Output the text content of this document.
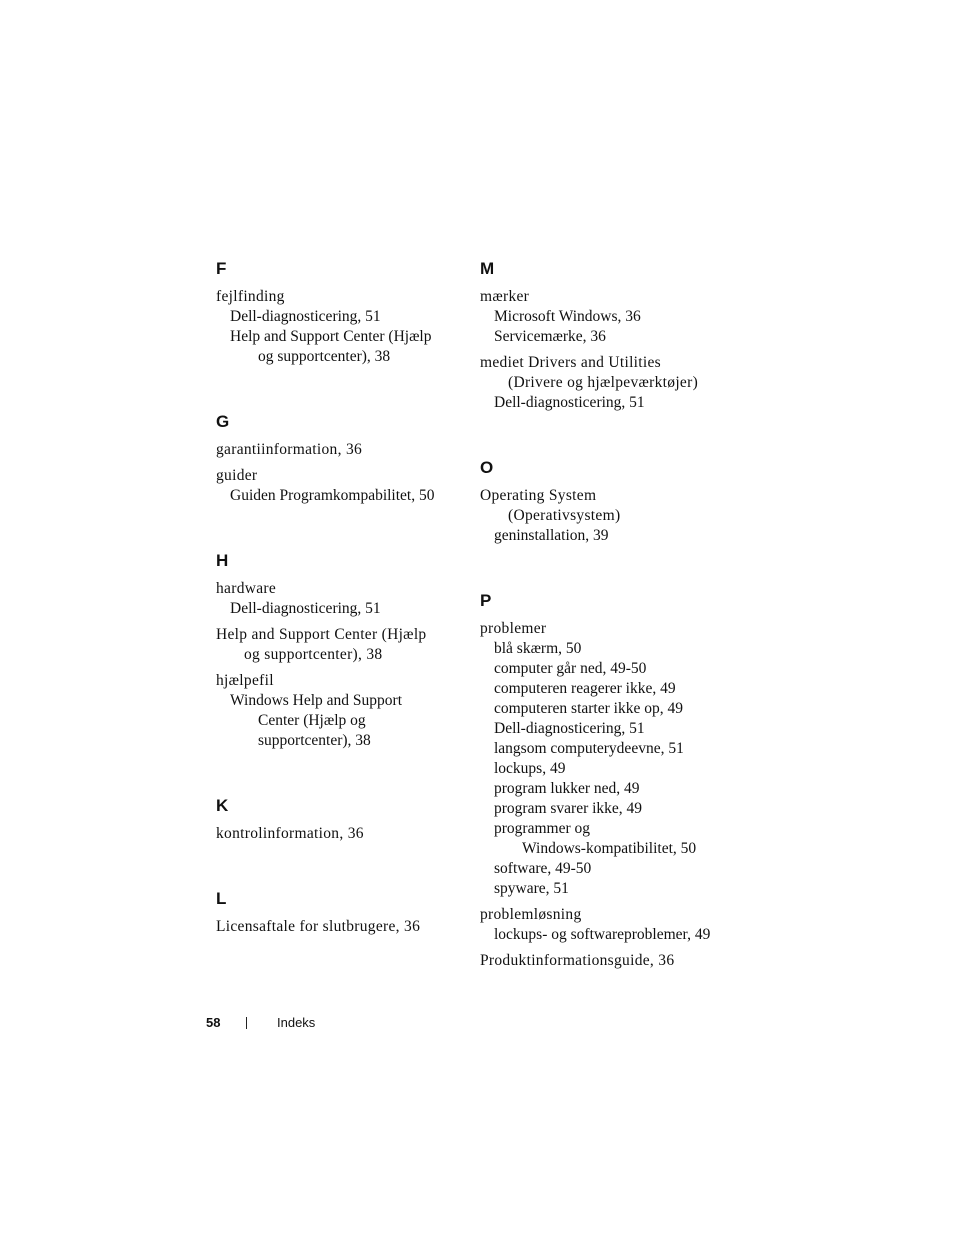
F
fejlfinding
Dell-diagnosticering, 51
Help and Support Center (Hjælp
og supportcenter), 38
G
garantiinformation, 36
guider
Guiden Programkompabilitet, 50
H
hardware
Dell-diagnosticering, 51
Help and Support Center (Hjælp
og supportcenter), 38
hjælpefil
Windows Help and Support
Center (Hjælp og
supportcenter), 38
K
kontrolinformation, 36
L
Licensaftale for slutbrugere, 36
M
mærker
Microsoft Windows, 36
Servicemærke, 36
mediet Drivers and Utilities
(Drivere og hjælpeværktøjer)
Dell-diagnosticering, 51
O
Operating System
(Operativsystem)
geninstallation, 39
P
problemer
blå skærm, 50
computer går ned, 49-50
computeren reagerer ikke, 49
computeren starter ikke op, 49
Dell-diagnosticering, 51
langsom computerydeevne, 51
lockups, 49
program lukker ned, 49
program svarer ikke, 49
programmer og
Windows-kompatibilitet, 50
software, 49-50
spyware, 51
problemløsning
lockups- og softwareproblemer, 49
Produktinformationsguide, 36
58	Indeks
